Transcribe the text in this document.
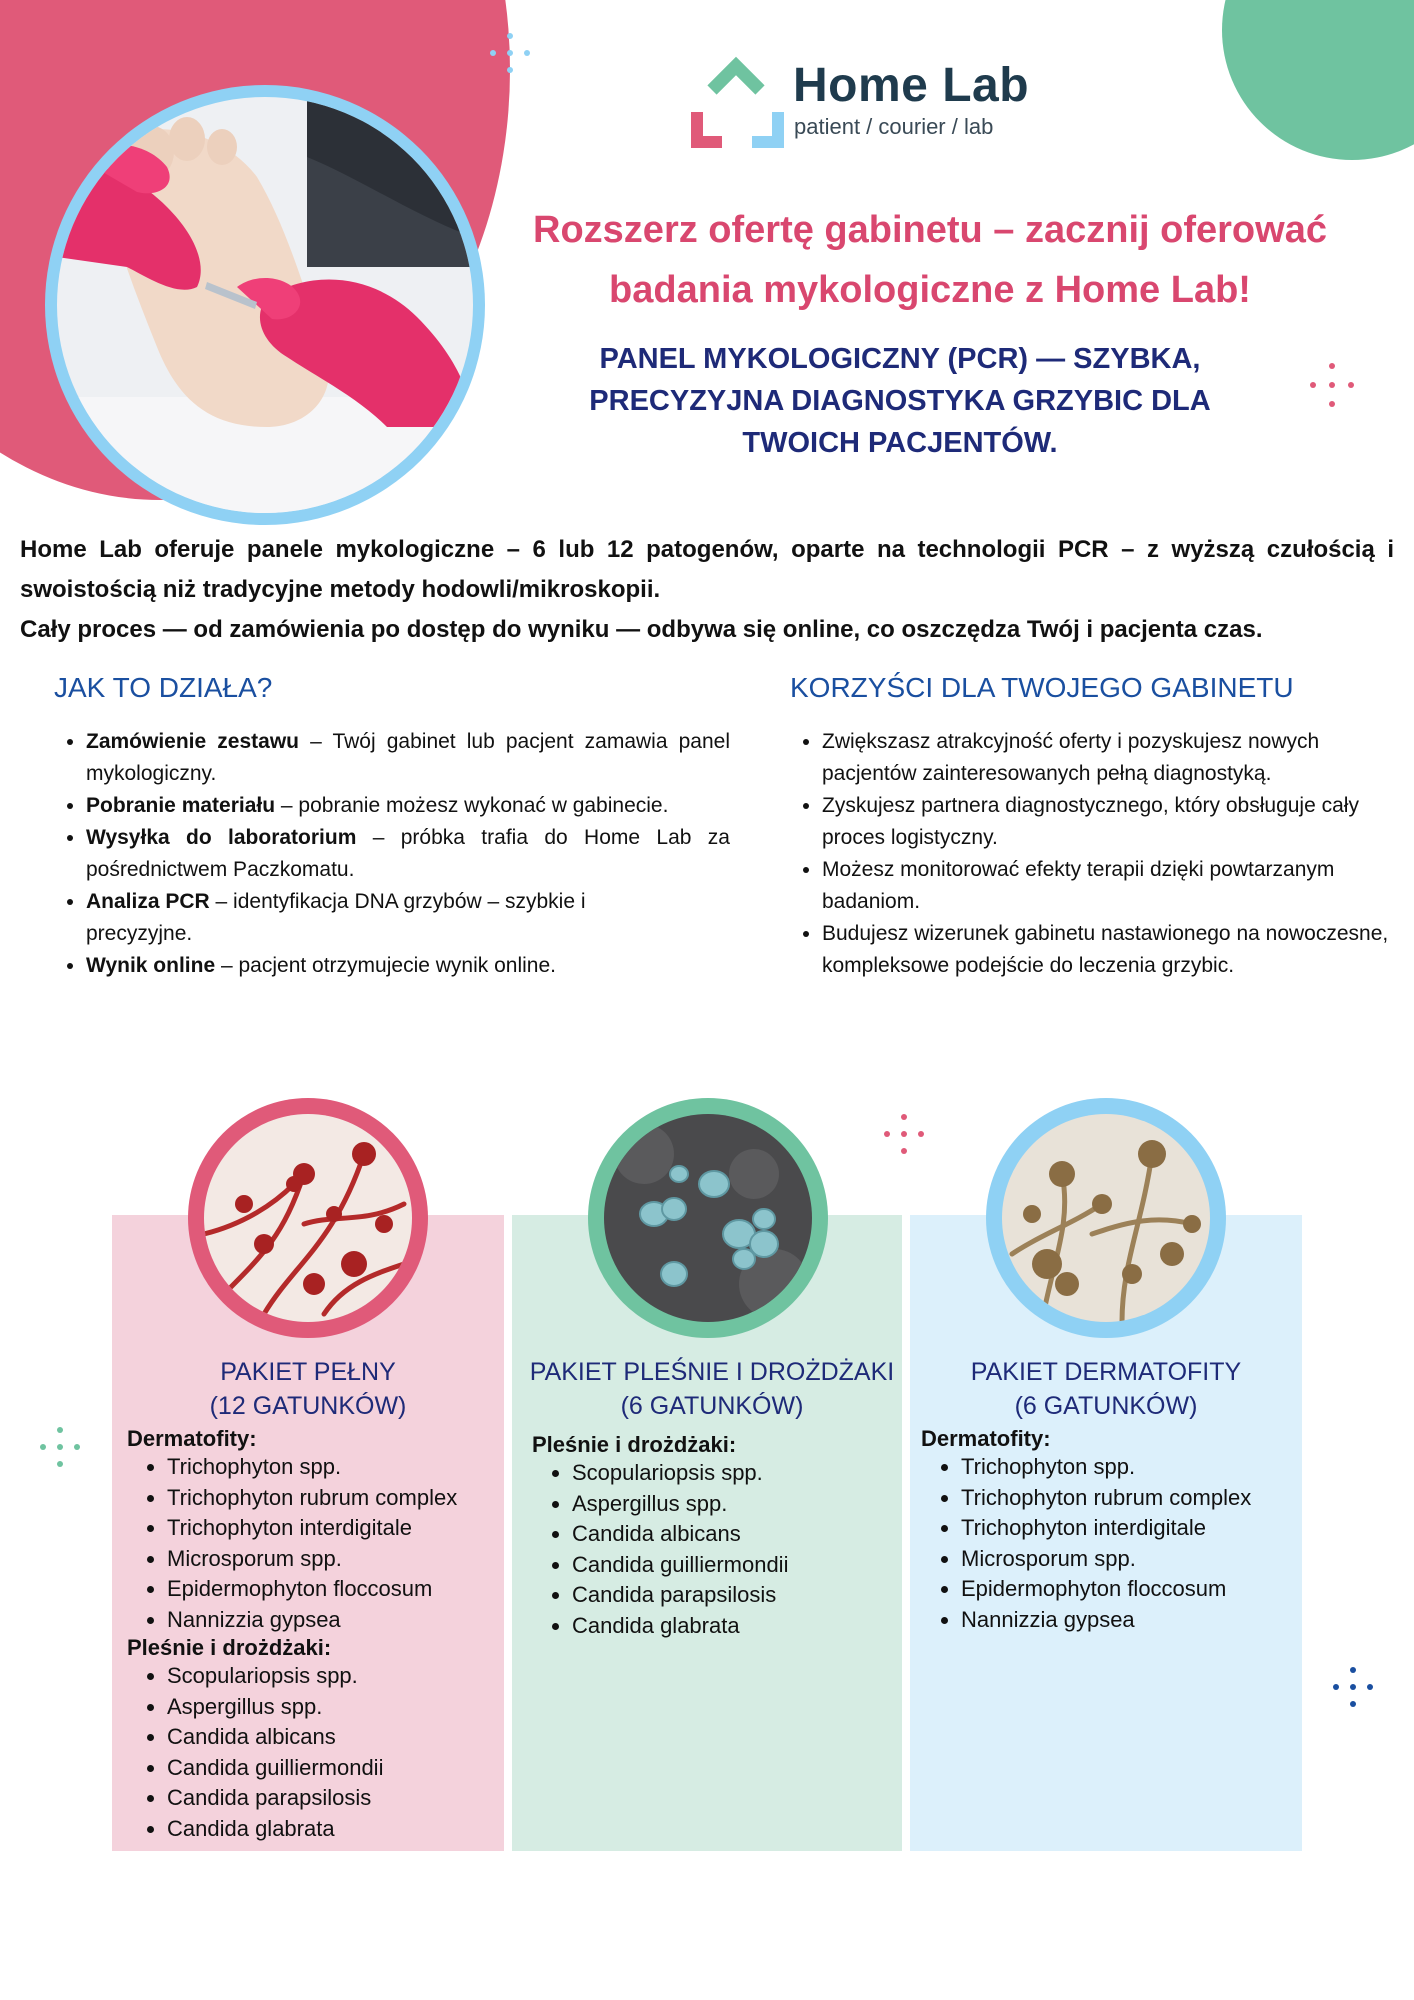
Home Lab
patient / courier / lab
Rozszerz ofertę gabinetu – zacznij oferować
badania mykologiczne z Home Lab!
PANEL MYKOLOGICZNY (PCR) — SZYBKA,
PRECYZYJNA DIAGNOSTYKA GRZYBIC DLA
TWOICH PACJENTÓW.

Home Lab oferuje panele mykologiczne – 6 lub 12 patogenów, oparte na technologii PCR – z wyższą czułością i swoistością niż tradycyjne metody hodowli/mikroskopii.

Cały proces — od zamówienia po dostęp do wyniku — odbywa się online, co oszczędza Twój i pacjenta czas.

JAK TO DZIAŁA?
• Zamówienie zestawu – Twój gabinet lub pacjent zamawia panel mykologiczny.
• Pobranie materiału – pobranie możesz wykonać w gabinecie.
• Wysyłka do laboratorium – próbka trafia do Home Lab za pośrednictwem Paczkomatu.
• Analiza PCR – identyfikacja DNA grzybów – szybkie i precyzyjne.
• Wynik online – pacjent otrzymujecie wynik online.
KORZYŚCI DLA TWOJEGO GABINETU
• Zwiększasz atrakcyjność oferty i pozyskujesz nowych pacjentów zainteresowanych pełną diagnostyką.
• Zyskujesz partnera diagnostycznego, który obsługuje cały proces logistyczny.
• Możesz monitorować efekty terapii dzięki powtarzanym badaniom.
• Budujesz wizerunek gabinetu nastawionego na nowoczesne, kompleksowe podejście do leczenia grzybic.
PAKIET PEŁNY
(12 GATUNKÓW)
Dermatofity:
• Trichophyton spp.
• Trichophyton rubrum complex
• Trichophyton interdigitale
• Microsporum spp.
• Epidermophyton floccosum
• Nannizzia gypsea
Pleśnie i drożdżaki:
• Scopulariopsis spp.
• Aspergillus spp.
• Candida albicans
• Candida guilliermondii
• Candida parapsilosis
• Candida glabrata
PAKIET PLEŚNIE I DROŻDŻAKI
(6 GATUNKÓW)
Pleśnie i drożdżaki:
• Scopulariopsis spp.
• Aspergillus spp.
• Candida albicans
• Candida guilliermondii
• Candida parapsilosis
• Candida glabrata
PAKIET DERMATOFITY
(6 GATUNKÓW)
Dermatofity:
• Trichophyton spp.
• Trichophyton rubrum complex
• Trichophyton interdigitale
• Microsporum spp.
• Epidermophyton floccosum
• Nannizzia gypsea
